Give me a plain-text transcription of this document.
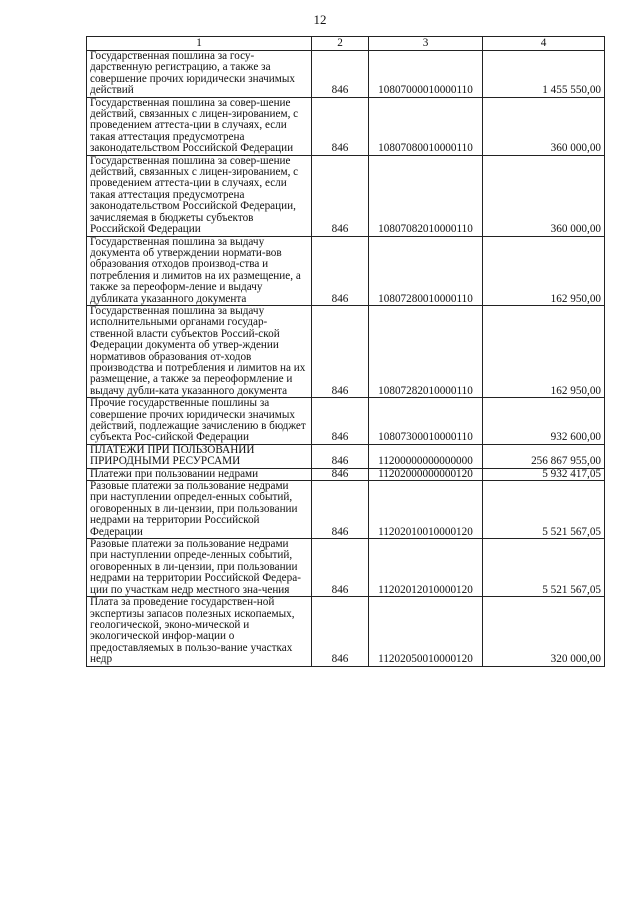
12
1	2	3	4
Государственная пошлина за госу-дарственную регистрацию, а также за совершение прочих юридически значимых действий	846	10807000010000110	1 455 550,00
Государственная пошлина за совер-шение действий, связанных с лицен-зированием, с проведением аттеста-ции в случаях, если такая аттестация предусмотрена законодательством Российской Федерации	846	10807080010000110	360 000,00
Государственная пошлина за совер-шение действий, связанных с лицен-зированием, с проведением аттеста-ции в случаях, если такая аттестация предусмотрена законодательством Российской Федерации, зачисляемая в бюджеты субъектов Российской Федерации	846	10807082010000110	360 000,00
Государственная пошлина за выдачу документа об утверждении нормати-вов образования отходов производ-ства и потребления и лимитов на их размещение, а также за переоформ-ление и выдачу дубликата указанного документа	846	10807280010000110	162 950,00
Государственная пошлина за выдачу исполнительными органами государ-ственной власти субъектов Россий-ской Федерации документа об утвер-ждении нормативов образования от-ходов производства и потребления и лимитов на их размещение, а также за переоформление и выдачу дубли-ката указанного документа	846	10807282010000110	162 950,00
Прочие государственные пошлины за совершение прочих юридически значимых действий, подлежащие зачислению в бюджет субъекта Рос-сийской Федерации	846	10807300010000110	932 600,00
ПЛАТЕЖИ ПРИ ПОЛЬЗОВАНИИ ПРИРОДНЫМИ РЕСУРСАМИ	846	11200000000000000	256 867 955,00
Платежи при пользовании недрами	846	11202000000000120	5 932 417,05
Разовые платежи за пользование недрами при наступлении определ-енных событий, оговоренных в ли-цензии, при пользовании недрами на территории Российской Федерации	846	11202010010000120	5 521 567,05
Разовые платежи за пользование недрами при наступлении опреде-ленных событий, оговоренных в ли-цензии, при пользовании недрами на территории Российской Федера-ции по участкам недр местного зна-чения	846	11202012010000120	5 521 567,05
Плата за проведение государствен-ной экспертизы запасов полезных ископаемых, геологической, эконо-мической и экологической инфор-мации о предоставляемых в пользо-вание участках недр	846	11202050010000120	320 000,00
